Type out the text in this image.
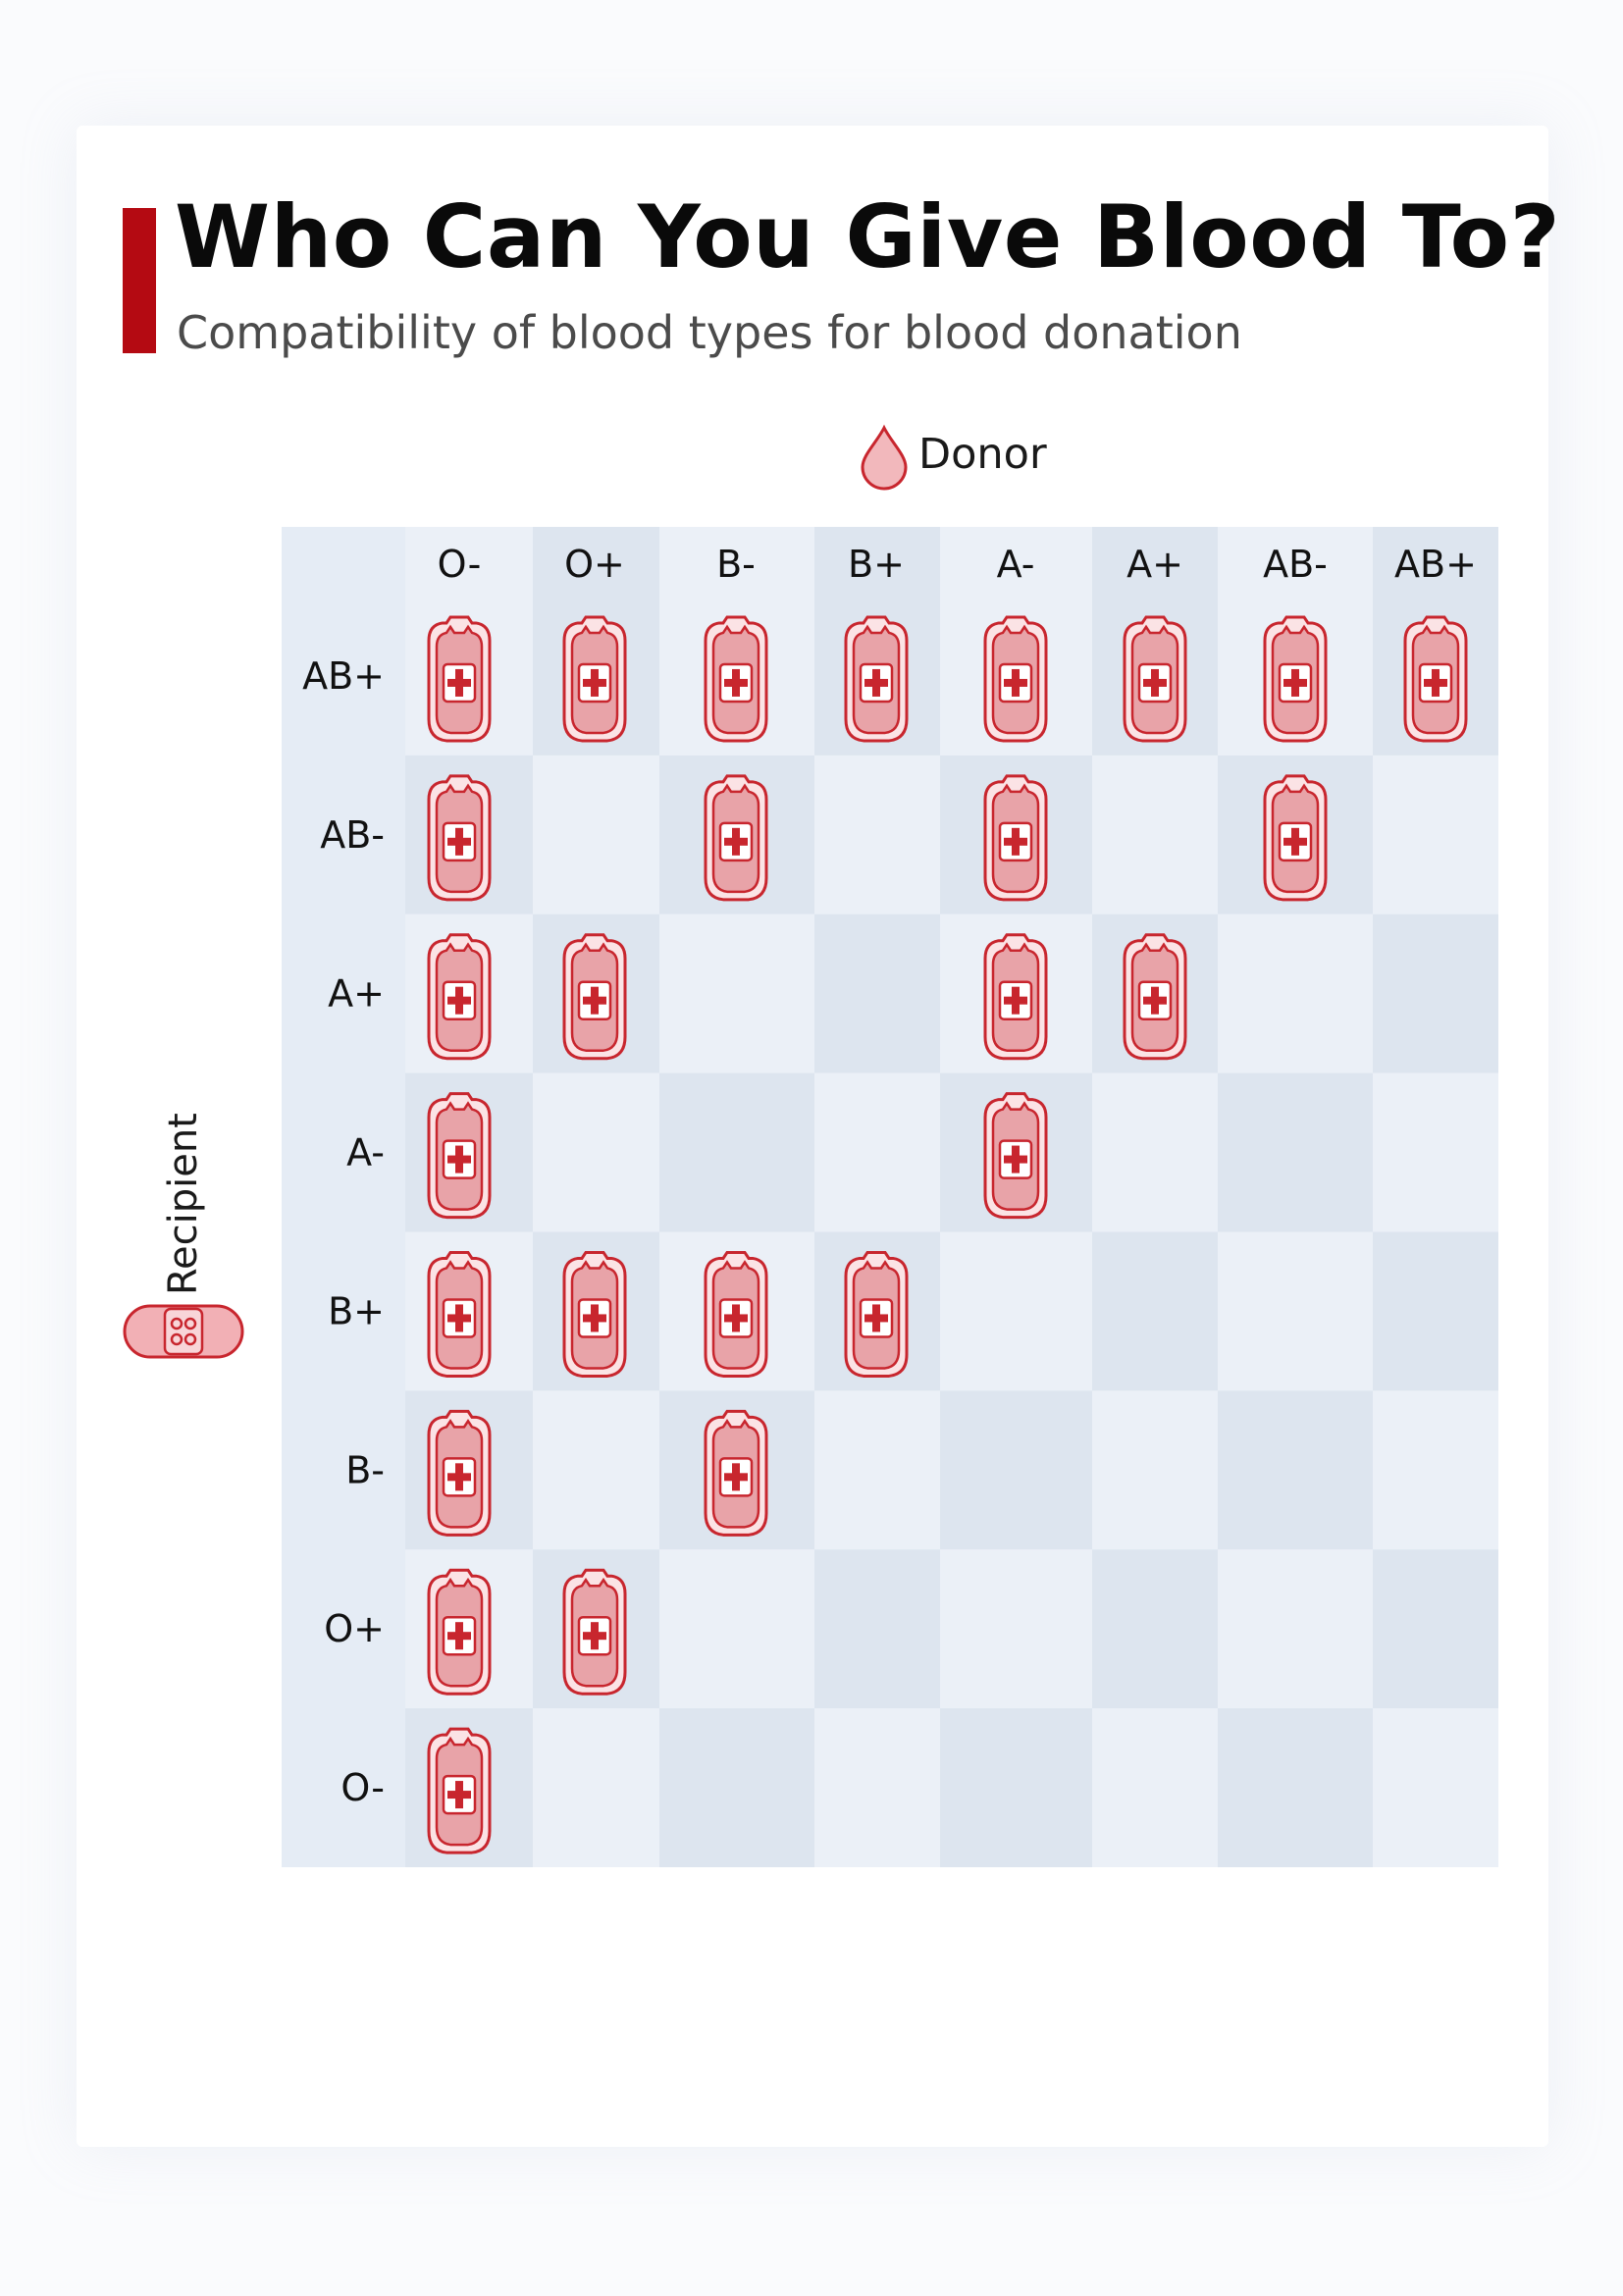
Who Can You Give Blood To?
Compatibility of blood types for blood donation
Donor
Recipient
O- O+ B- B+ A- A+ AB- AB+
AB+
AB-
A+
A-
B+
B-
O+
O-
